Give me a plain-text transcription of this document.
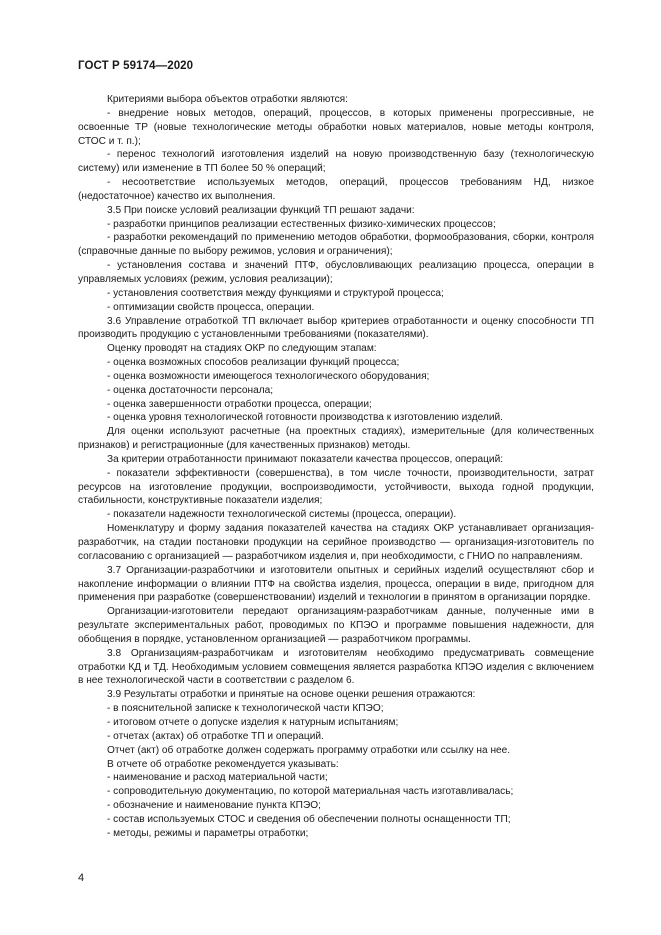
ГОСТ Р 59174—2020

Критериями выбора объектов отработки являются:

- внедрение новых методов, операций, процессов, в которых применены прогрессивные, не освоенные ТР (новые технологические методы обработки новых материалов, новые методы контроля, СТОС и т. п.);

- перенос технологий изготовления изделий на новую производственную базу (технологическую систему) или изменение в ТП более 50 % операций;

- несоответствие используемых методов, операций, процессов требованиям НД, низкое (недостаточное) качество их выполнения.

3.5 При поиске условий реализации функций ТП решают задачи:

- разработки принципов реализации естественных физико-химических процессов;

- разработки рекомендаций по применению методов обработки, формообразования, сборки, контроля (справочные данные по выбору режимов, условия и ограничения);

- установления состава и значений ПТФ, обусловливающих реализацию процесса, операции в управляемых условиях (режим, условия реализации);

- установления соответствия между функциями и структурой процесса;

- оптимизации свойств процесса, операции.

3.6 Управление отработкой ТП включает выбор критериев отработанности и оценку способности ТП производить продукцию с установленными требованиями (показателями).

Оценку проводят на стадиях ОКР по следующим этапам:

- оценка возможных способов реализации функций процесса;

- оценка возможности имеющегося технологического оборудования;

- оценка достаточности персонала;

- оценка завершенности отработки процесса, операции;

- оценка уровня технологической готовности производства к изготовлению изделий.

Для оценки используют расчетные (на проектных стадиях), измерительные (для количественных признаков) и регистрационные (для качественных признаков) методы.

За критерии отработанности принимают показатели качества процессов, операций:

- показатели эффективности (совершенства), в том числе точности, производительности, затрат ресурсов на изготовление продукции, воспроизводимости, устойчивости, выхода годной продукции, стабильности, конструктивные показатели изделия;

- показатели надежности технологической системы (процесса, операции).

Номенклатуру и форму задания показателей качества на стадиях ОКР устанавливает организация-разработчик, на стадии постановки продукции на серийное производство — организация-изготовитель по согласованию с организацией — разработчиком изделия и, при необходимости, с ГНИО по направлениям.

3.7 Организации-разработчики и изготовители опытных и серийных изделий осуществляют сбор и накопление информации о влиянии ПТФ на свойства изделия, процесса, операции в виде, пригодном для применения при разработке (совершенствовании) изделий и технологии в принятом в организации порядке.

Организации-изготовители передают организациям-разработчикам данные, полученные ими в результате экспериментальных работ, проводимых по КПЭО и программе повышения надежности, для обобщения в порядке, установленном организацией — разработчиком программы.

3.8 Организациям-разработчикам и изготовителям необходимо предусматривать совмещение отработки КД и ТД. Необходимым условием совмещения является разработка КПЭО изделия с включением в нее технологической части в соответствии с разделом 6.

3.9 Результаты отработки и принятые на основе оценки решения отражаются:

- в пояснительной записке к технологической части КПЭО;

- итоговом отчете о допуске изделия к натурным испытаниям;

- отчетах (актах) об отработке ТП и операций.

Отчет (акт) об отработке должен содержать программу отработки или ссылку на нее.

В отчете об отработке рекомендуется указывать:

- наименование и расход материальной части;

- сопроводительную документацию, по которой материальная часть изготавливалась;

- обозначение и наименование пункта КПЭО;

- состав используемых СТОС и сведения об обеспечении полноты оснащенности ТП;

- методы, режимы и параметры отработки;

4
